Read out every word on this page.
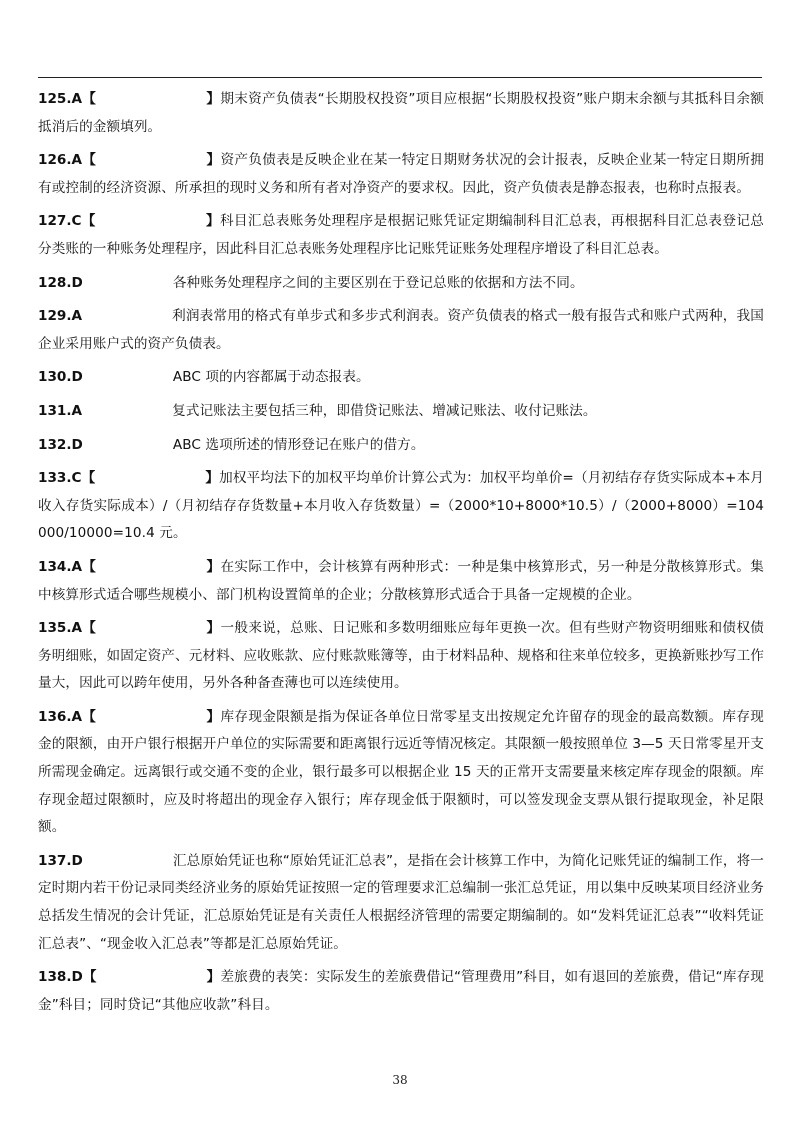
125.A【	】期末资产负债表“长期股权投资”项目应根据“长期股权投资”账户期末余额与其抵科目余额抵消后的金额填列。

126.A【	】资产负债表是反映企业在某一特定日期财务状况的会计报表，反映企业某一特定日期所拥有或控制的经济资源、所承担的现时义务和所有者对净资产的要求权。因此，资产负债表是静态报表，也称时点报表。

127.C【	】科目汇总表账务处理程序是根据记账凭证定期编制科目汇总表，再根据科目汇总表登记总分类账的一种账务处理程序，因此科目汇总表账务处理程序比记账凭证账务处理程序增设了科目汇总表。

128.D	各种账务处理程序之间的主要区别在于登记总账的依据和方法不同。

129.A	利润表常用的格式有单步式和多步式利润表。资产负债表的格式一般有报告式和账户式两种，我国企业采用账户式的资产负债表。

130.D	ABC 项的内容都属于动态报表。

131.A	复式记账法主要包括三种，即借贷记账法、增减记账法、收付记账法。

132.D	ABC 选项所述的情形登记在账户的借方。

133.C【	】加权平均法下的加权平均单价计算公式为：加权平均单价=（月初结存存货实际成本+本月收入存货实际成本）/（月初结存存货数量+本月收入存货数量）=（2000*10+8000*10.5）/（2000+8000）=104 000/10000=10.4 元。

134.A【	】在实际工作中，会计核算有两种形式：一种是集中核算形式，另一种是分散核算形式。集中核算形式适合哪些规模小、部门机构设置简单的企业；分散核算形式适合于具备一定规模的企业。

135.A【	】一般来说，总账、日记账和多数明细账应每年更换一次。但有些财产物资明细账和债权债务明细账，如固定资产、元材料、应收账款、应付账款账簿等，由于材料品种、规格和往来单位较多，更换新账抄写工作量大，因此可以跨年使用，另外各种备查薄也可以连续使用。

136.A【	】库存现金限额是指为保证各单位日常零星支出按规定允许留存的现金的最高数额。库存现金的限额，由开户银行根据开户单位的实际需要和距离银行远近等情况核定。其限额一般按照单位 3—5 天日常零星开支所需现金确定。远离银行或交通不变的企业，银行最多可以根据企业 15 天的正常开支需要量来核定库存现金的限额。库存现金超过限额时，应及时将超出的现金存入银行；库存现金低于限额时，可以签发现金支票从银行提取现金，补足限额。

137.D	汇总原始凭证也称“原始凭证汇总表”，是指在会计核算工作中，为简化记账凭证的编制工作，将一定时期内若干份记录同类经济业务的原始凭证按照一定的管理要求汇总编制一张汇总凭证，用以集中反映某项目经济业务总括发生情况的会计凭证，汇总原始凭证是有关责任人根据经济管理的需要定期编制的。如“发料凭证汇总表”“收料凭证汇总表”、“现金收入汇总表”等都是汇总原始凭证。

138.D【	】差旅费的表笑：实际发生的差旅费借记“管理费用”科目，如有退回的差旅费，借记“库存现金”科目；同时贷记“其他应收款”科目。

38
